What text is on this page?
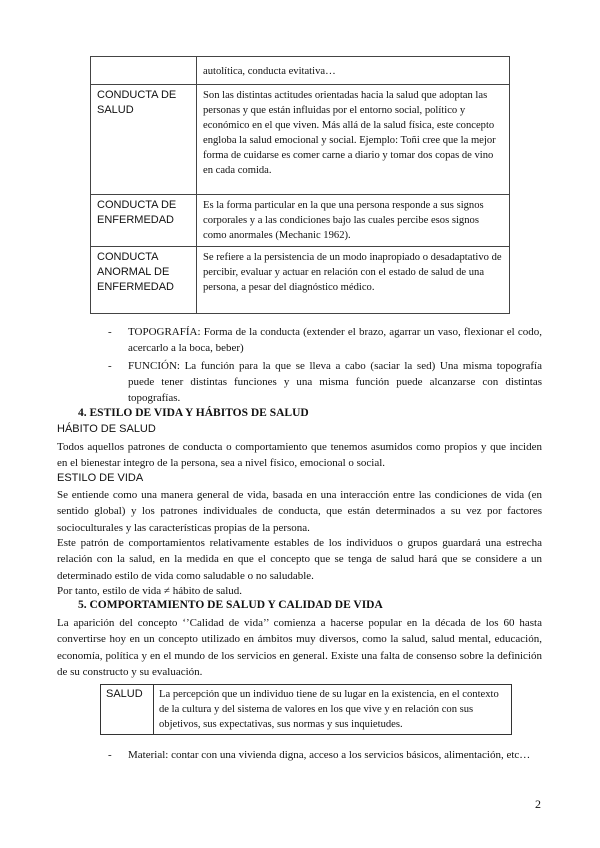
	autolítica, conducta evitativa…
CONDUCTA DE SALUD	Son las distintas actitudes orientadas hacia la salud que adoptan las personas y que están influidas por el entorno social, político y económico en el que viven. Más allá de la salud física, este concepto engloba la salud emocional y social. Ejemplo: Toñi cree que la mejor forma de cuidarse es comer carne a diario y tomar dos copas de vino en cada comida.
CONDUCTA DE ENFERMEDAD	Es la forma particular en la que una persona responde a sus signos corporales y a las condiciones bajo las cuales percibe esos signos como anormales (Mechanic 1962).
CONDUCTA ANORMAL DE ENFERMEDAD	Se refiere a la persistencia de un modo inapropiado o desadaptativo de percibir, evaluar y actuar en relación con el estado de salud de una persona, a pesar del diagnóstico médico.
- TOPOGRAFÍA: Forma de la conducta (extender el brazo, agarrar un vaso, flexionar el codo, acercarlo a la boca, beber)
- FUNCIÓN: La función para la que se lleva a cabo (saciar la sed) Una misma topografía puede tener distintas funciones y una misma función puede alcanzarse con distintas topografías.
4. ESTILO DE VIDA Y HÁBITOS DE SALUD
HÁBITO DE SALUD
Todos aquellos patrones de conducta o comportamiento que tenemos asumidos como propios y que inciden en el bienestar integro de la persona, sea a nivel físico, emocional o social.
ESTILO DE VIDA
Se entiende como una manera general de vida, basada en una interacción entre las condiciones de vida (en sentido global) y los patrones individuales de conducta, que están determinados a su vez por factores socioculturales y las características propias de la persona.
Este patrón de comportamientos relativamente estables de los individuos o grupos guardará una estrecha relación con la salud, en la medida en que el concepto que se tenga de salud hará que se considere a un determinado estilo de vida como saludable o no saludable.
Por tanto, estilo de vida ≠ hábito de salud.
5. COMPORTAMIENTO DE SALUD Y CALIDAD DE VIDA
La aparición del concepto ‘’Calidad de vida’’ comienza a hacerse popular en la década de los 60 hasta convertirse hoy en un concepto utilizado en ámbitos muy diversos, como la salud, salud mental, educación, economía, política y en el mundo de los servicios en general. Existe una falta de consenso sobre la definición de su constructo y su evaluación.
SALUD	La percepción que un individuo tiene de su lugar en la existencia, en el contexto de la cultura y del sistema de valores en los que vive y en relación con sus objetivos, sus expectativas, sus normas y sus inquietudes.
- Material: contar con una vivienda digna, acceso a los servicios básicos, alimentación, etc…
2
